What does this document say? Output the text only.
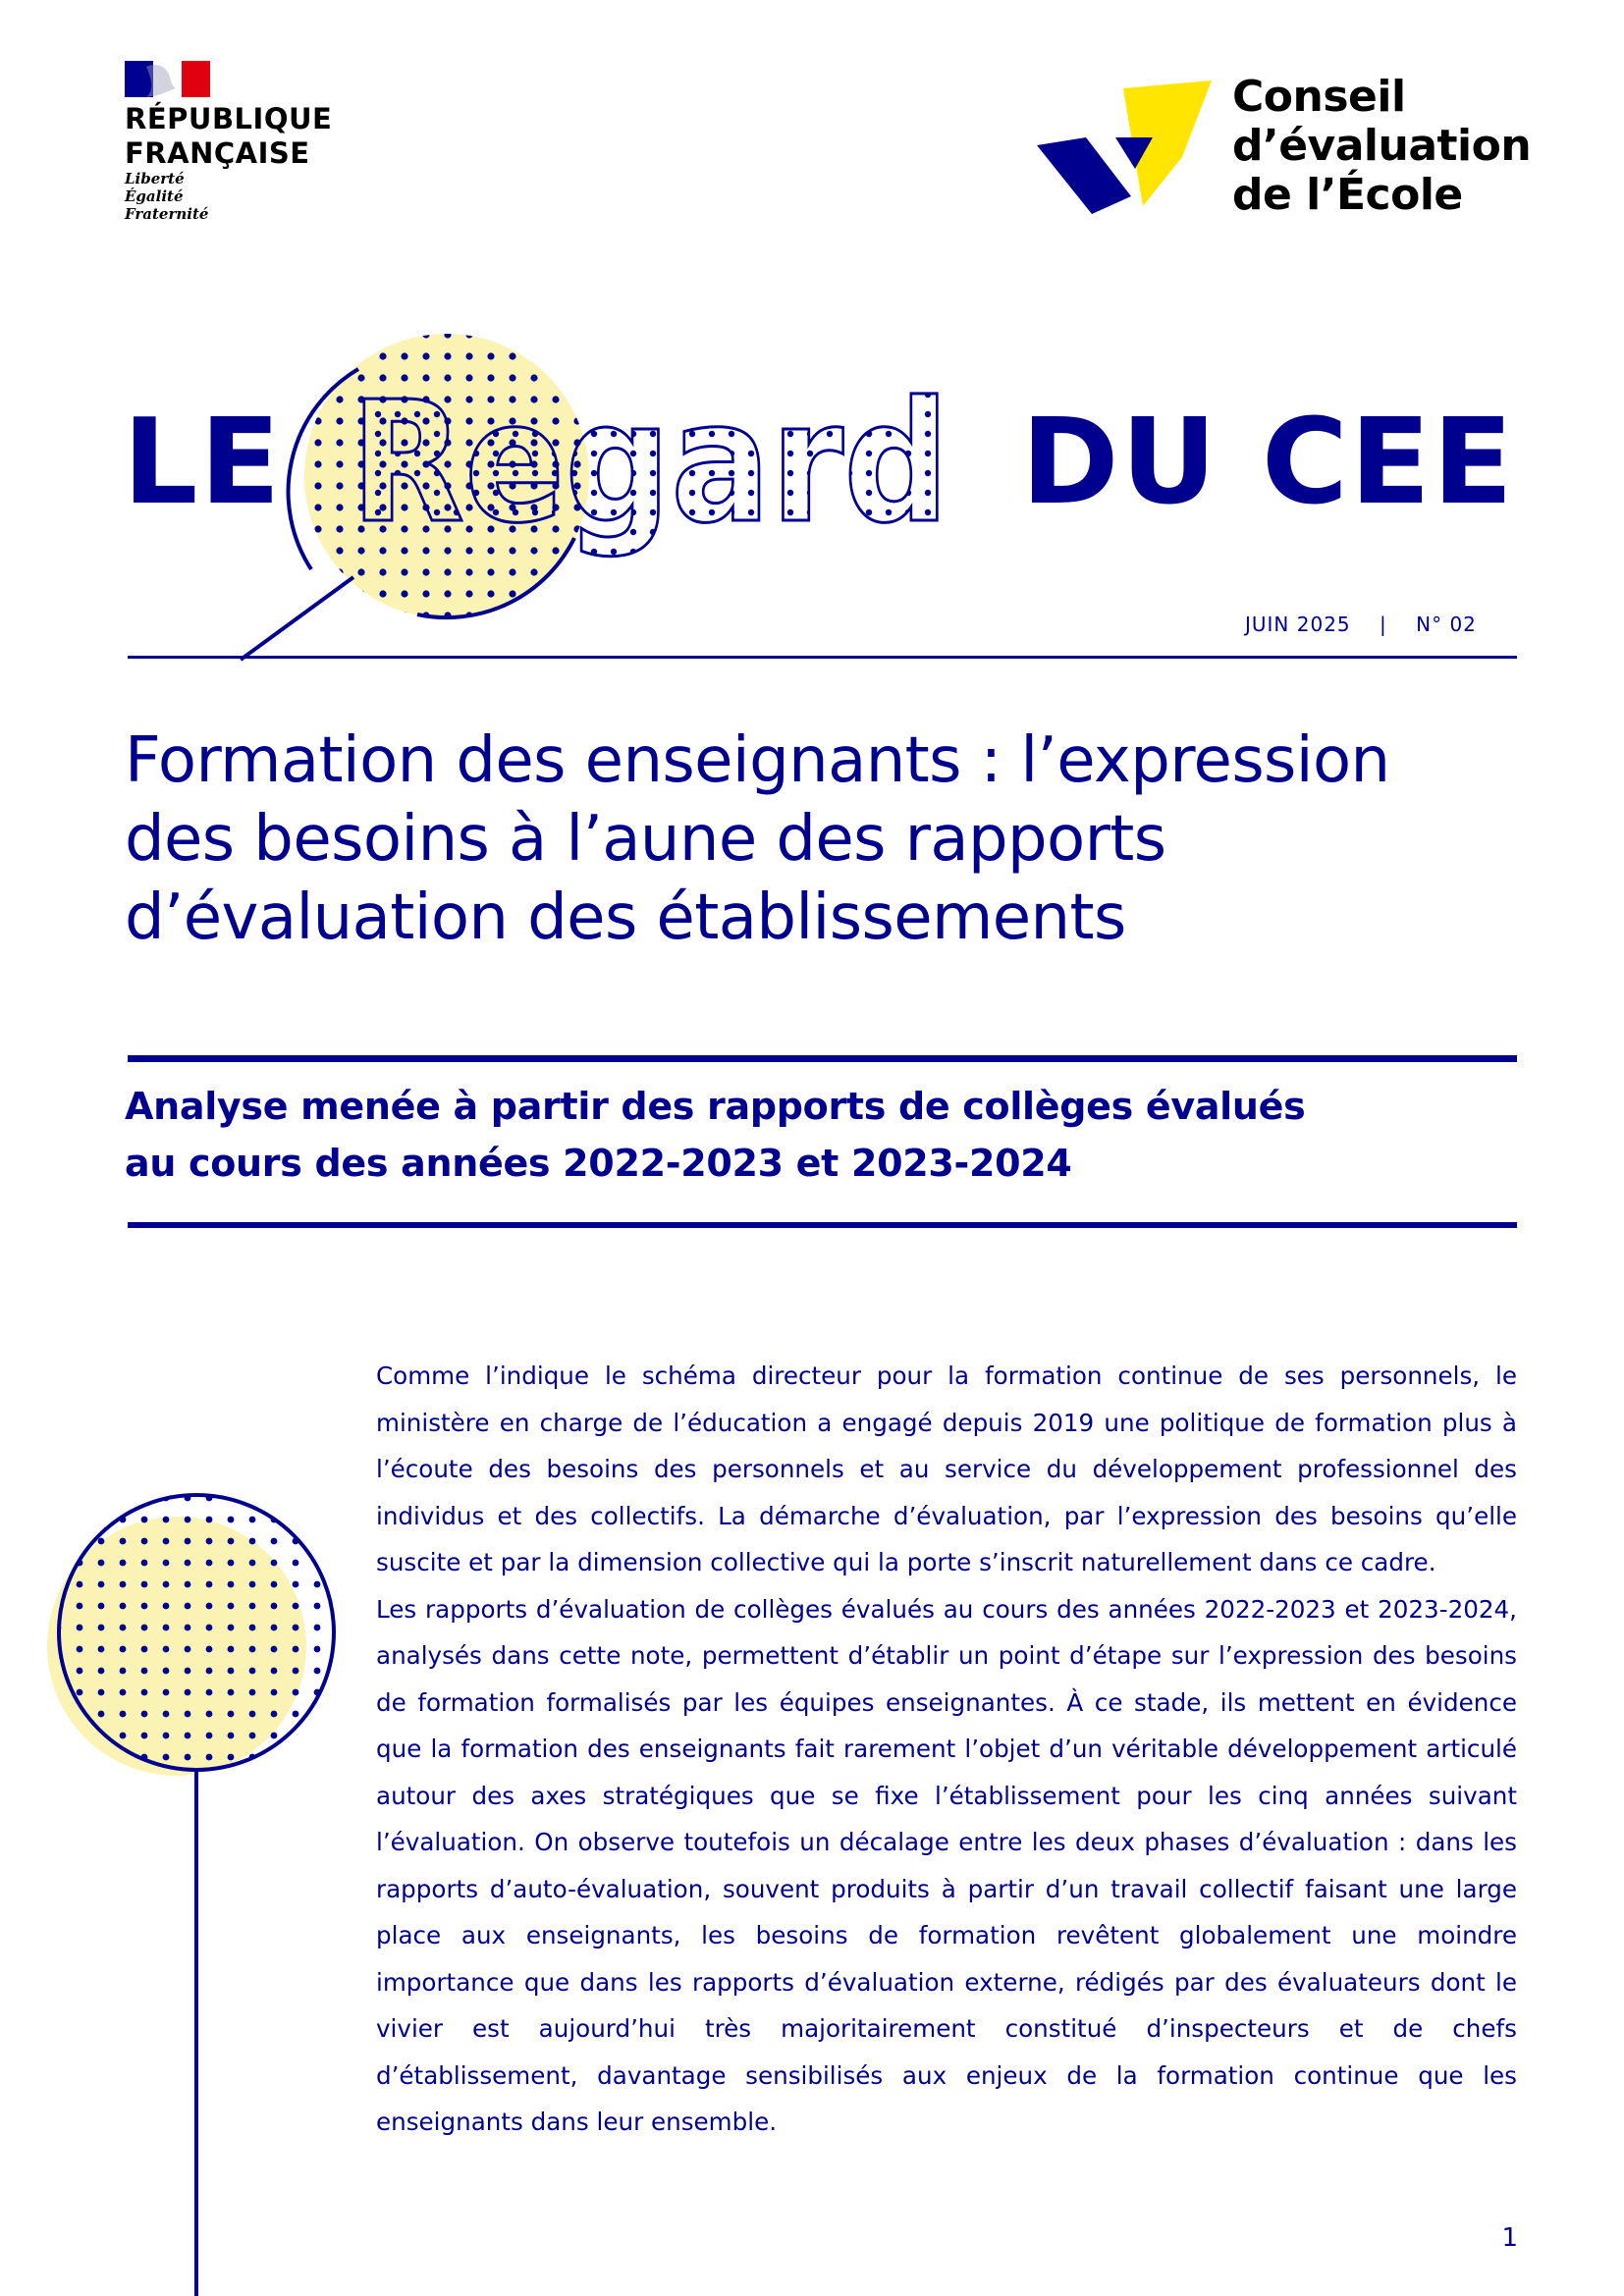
RÉPUBLIQUE
FRANÇAISE
Liberté
Égalité
Fraternité
Conseil
d’évaluation
de l’École
LE Regard DU CEE
JUIN 2025 | N° 02
Formation des enseignants : l’expression
des besoins à l’aune des rapports
d’évaluation des établissements
Analyse menée à partir des rapports de collèges évalués
au cours des années 2022-2023 et 2023-2024

Comme l’indique le schéma directeur pour la formation continue de ses personnels, le ministère en charge de l’éducation a engagé depuis 2019 une politique de formation plus à l’écoute des besoins des personnels et au service du développement professionnel des individus et des collectifs. La démarche d’évaluation, par l’expression des besoins qu’elle suscite et par la dimension collective qui la porte s’inscrit naturellement dans ce cadre.

Les rapports d’évaluation de collèges évalués au cours des années 2022-2023 et 2023-2024, analysés dans cette note, permettent d’établir un point d’étape sur l’expression des besoins de formation formalisés par les équipes enseignantes. À ce stade, ils mettent en évidence que la formation des enseignants fait rarement l’objet d’un véritable développement articulé autour des axes stratégiques que se fixe l’établissement pour les cinq années suivant l’évaluation. On observe toutefois un décalage entre les deux phases d’évaluation : dans les rapports d’auto-évaluation, souvent produits à partir d’un travail collectif faisant une large place aux enseignants, les besoins de formation revêtent globalement une moindre importance que dans les rapports d’évaluation externe, rédigés par des évaluateurs dont le vivier est aujourd’hui très majoritairement constitué d’inspecteurs et de chefs d’établissement, davantage sensibilisés aux enjeux de la formation continue que les enseignants dans leur ensemble.

1
